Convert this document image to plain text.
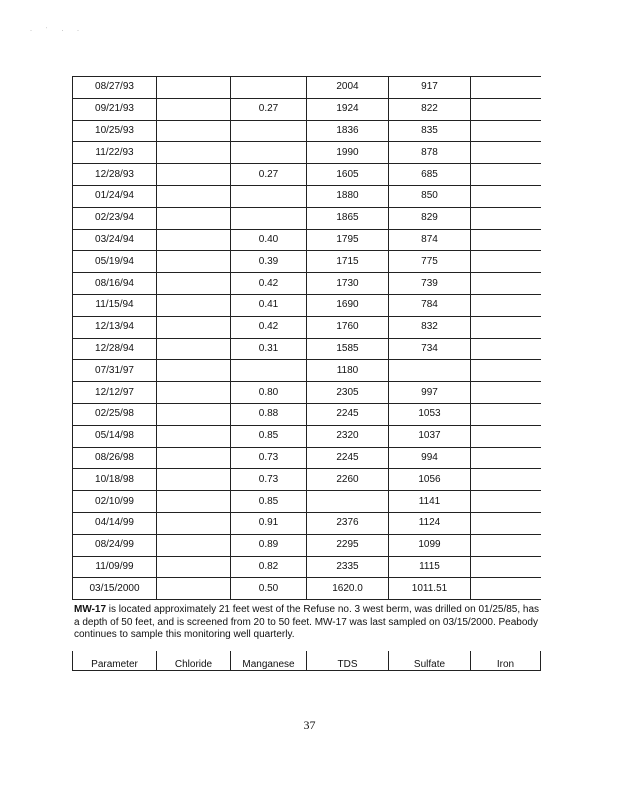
· ˙ · ·
08/27/93			2004	917	
09/21/93		0.27	1924	822	
10/25/93			1836	835	
11/22/93			1990	878	
12/28/93		0.27	1605	685	
01/24/94			1880	850	
02/23/94			1865	829	
03/24/94		0.40	1795	874	
05/19/94		0.39	1715	775	
08/16/94		0.42	1730	739	
11/15/94		0.41	1690	784	
12/13/94		0.42	1760	832	
12/28/94		0.31	1585	734	
07/31/97			1180		
12/12/97		0.80	2305	997	
02/25/98		0.88	2245	1053	
05/14/98		0.85	2320	1037	
08/26/98		0.73	2245	994	
10/18/98		0.73	2260	1056	
02/10/99		0.85		1141	
04/14/99		0.91	2376	1124	
08/24/99		0.89	2295	1099	
11/09/99		0.82	2335	1115	
03/15/2000		0.50	1620.0	1011.51	
MW-17 is located approximately 21 feet west of the Refuse no. 3 west berm, was drilled on 01/25/85, has a depth of 50 feet, and is screened from 20 to 50 feet. MW-17 was last sampled on 03/15/2000. Peabody continues to sample this monitoring well quarterly.
Parameter	Chloride	Manganese	TDS	Sulfate	Iron
37
